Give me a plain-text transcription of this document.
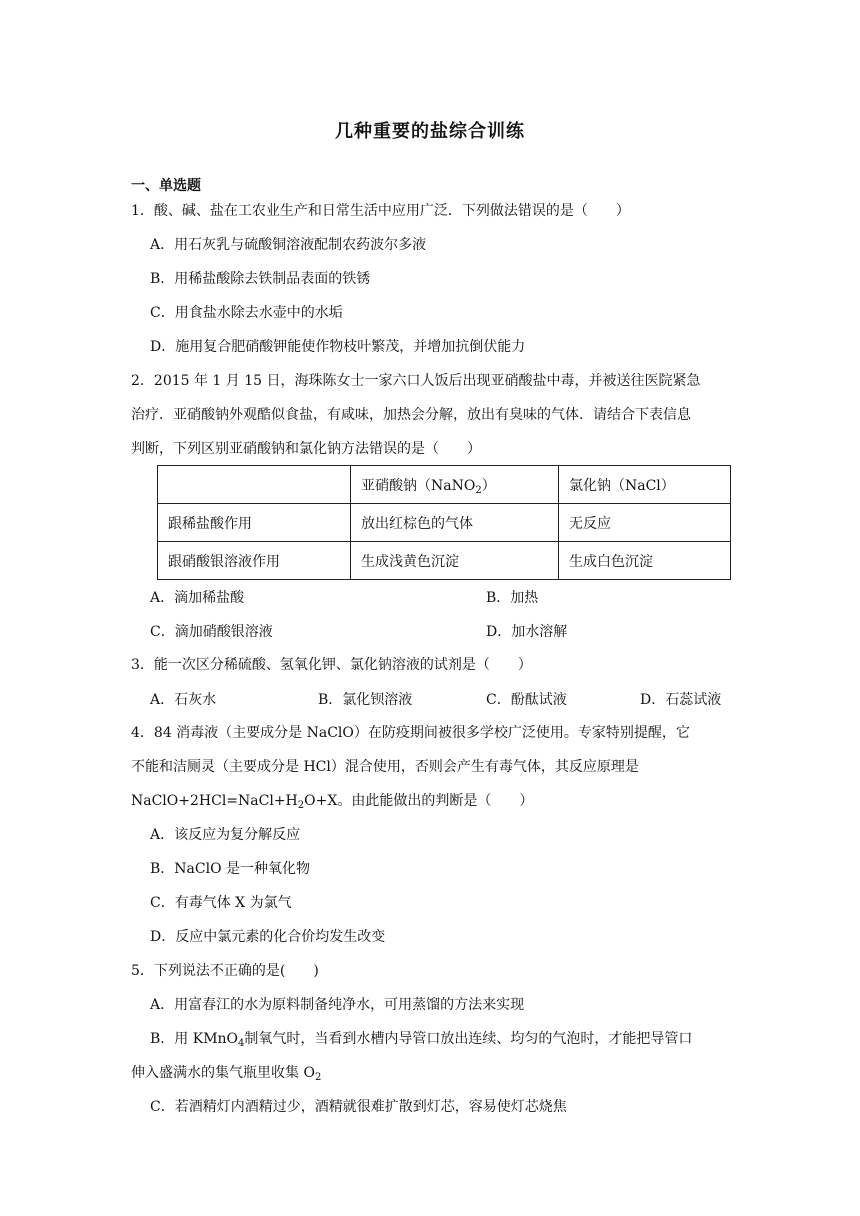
几种重要的盐综合训练
一、单选题
1．酸、碱、盐在工农业生产和日常生活中应用广泛．下列做法错误的是（　　）
A．用石灰乳与硫酸铜溶液配制农药波尔多液
B．用稀盐酸除去铁制品表面的铁锈
C．用食盐水除去水壶中的水垢
D．施用复合肥硝酸钾能使作物枝叶繁茂，并增加抗倒伏能力
2．2015 年 1 月 15 日，海珠陈女士一家六口人饭后出现亚硝酸盐中毒，并被送往医院紧急
治疗．亚硝酸钠外观酷似食盐，有咸味，加热会分解，放出有臭味的气体．请结合下表信息
判断，下列区别亚硝酸钠和氯化钠方法错误的是（　　）
	亚硝酸钠（NaNO$_2$）	氯化钠（NaCl）
跟稀盐酸作用	放出红棕色的气体	无反应
跟硝酸银溶液作用	生成浅黄色沉淀	生成白色沉淀
A．滴加稀盐酸	B．加热
C．滴加硝酸银溶液	D．加水溶解
3．能一次区分稀硫酸、氢氧化钾、氯化钠溶液的试剂是（　　）
A．石灰水	B．氯化钡溶液	C．酚酞试液	D．石蕊试液
4．84 消毒液（主要成分是 NaClO）在防疫期间被很多学校广泛使用。专家特别提醒，它
不能和洁厕灵（主要成分是 HCl）混合使用，否则会产生有毒气体，其反应原理是
$NaClO+2HCl=NaCl+H_2O+X$。由此能做出的判断是（　　）
A．该反应为复分解反应
B．NaClO 是一种氧化物
C．有毒气体 X 为氯气
D．反应中氯元素的化合价均发生改变
5．下列说法不正确的是(　　)
A．用富春江的水为原料制备纯净水，可用蒸馏的方法来实现
B．用 KMnO$_4$制氧气时，当看到水槽内导管口放出连续、均匀的气泡时，才能把导管口
伸入盛满水的集气瓶里收集 $O_2$
C．若酒精灯内酒精过少，酒精就很难扩散到灯芯，容易使灯芯烧焦
